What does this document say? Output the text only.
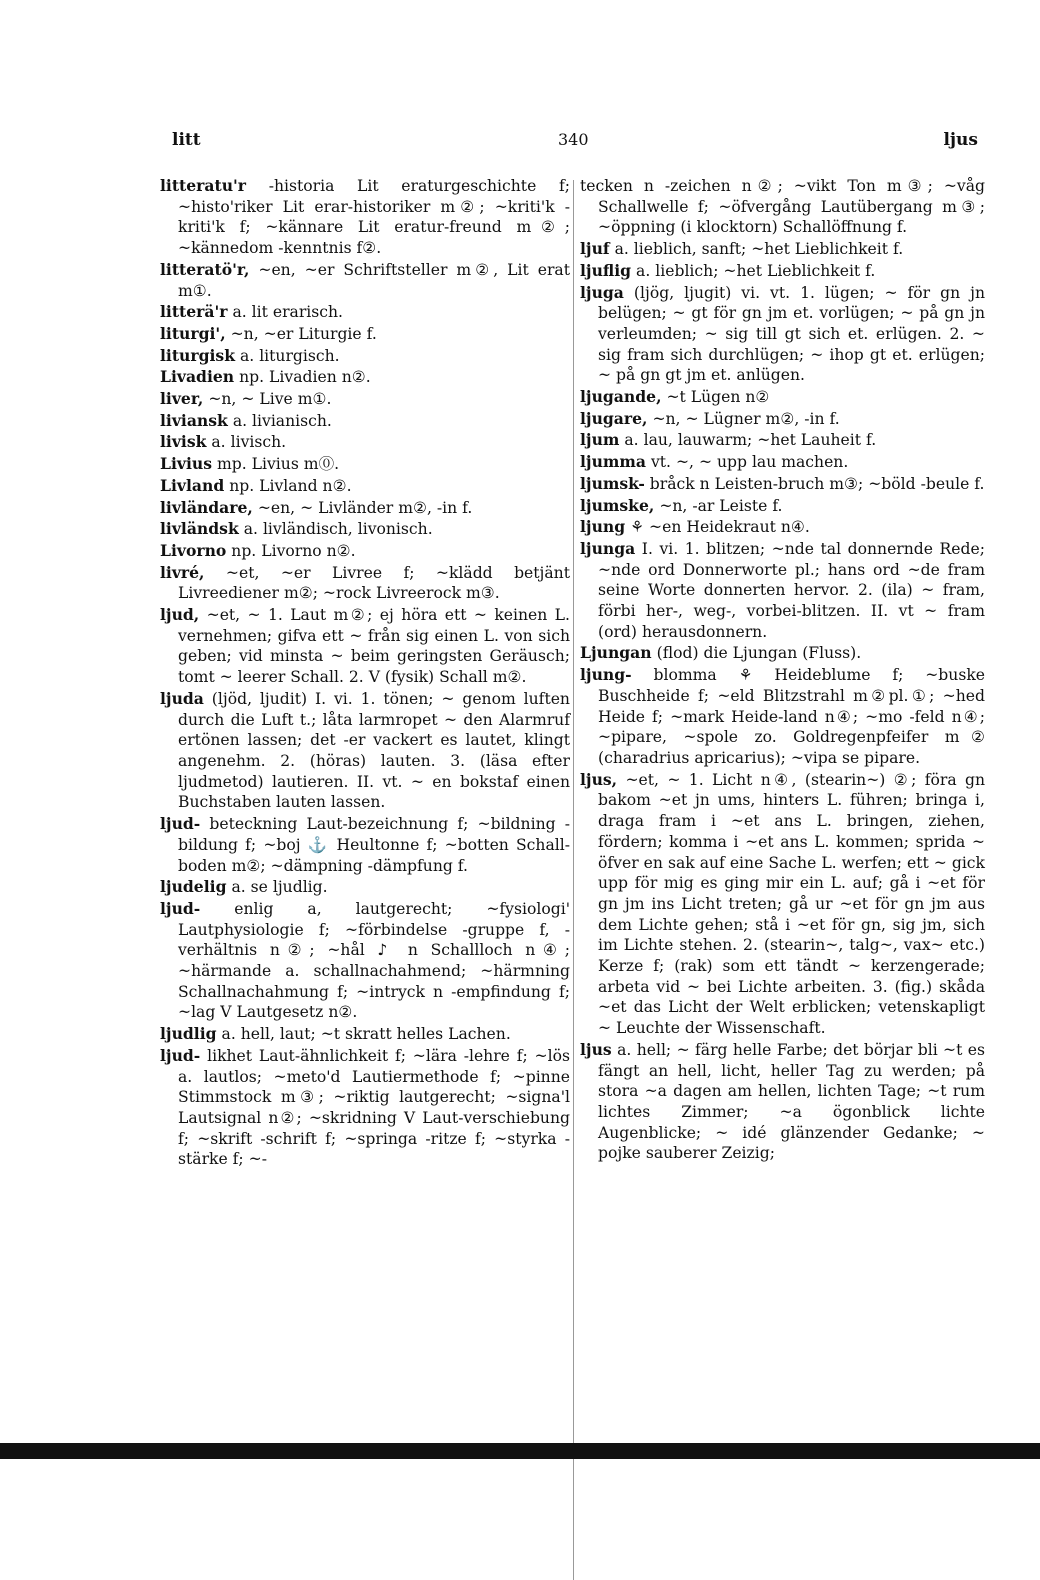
litt	340	ljus

litteratu'r -historia Lit eraturgeschichte f; ~histo'riker Lit erar-historiker m②; ~kriti'k -kriti'k f; ~kännare Lit eratur-freund m②; ~kännedom -kenntnis f②.

litteratö'r, ~en, ~er Schriftsteller m②, Lit erat m①.

litterä'r a. lit erarisch.

liturgi', ~n, ~er Liturgie f.

liturgisk a. liturgisch.

Livadien np. Livadien n②.

liver, ~n, ~ Live m①.

liviansk a. livianisch.

livisk a. livisch.

Livius mp. Livius m⓪.

Livland np. Livland n②.

livländare, ~en, ~ Livländer m②, -in f.

livländsk a. livländisch, livonisch.

Livorno np. Livorno n②.

livré, ~et, ~er Livree f; ~klädd betjänt Livreediener m②; ~rock Livreerock m③.

ljud, ~et, ~ 1. Laut m②; ej höra ett ~ keinen L. vernehmen; gifva ett ~ från sig einen L. von sich geben; vid minsta ~ beim geringsten Geräusch; tomt ~ leerer Schall. 2. V (fysik) Schall m②.

ljuda (ljöd, ljudit) I. vi. 1. tönen; ~ genom luften durch die Luft t.; låta larmropet ~ den Alarmruf ertönen lassen; det -er vackert es lautet, klingt angenehm. 2. (höras) lauten. 3. (läsa efter ljudmetod) lautieren. II. vt. ~ en bokstaf einen Buchstaben lauten lassen.

ljud- beteckning Laut-bezeichnung f; ~bildning -bildung f; ~boj ⚓ Heultonne f; ~botten Schall-boden m②; ~dämpning -dämpfung f.

ljudelig a. se ljudlig.

ljud- enlig a, lautgerecht; ~fysiologi' Lautphysiologie f; ~förbindelse -gruppe f, -verhältnis n②; ~hål ♪ n Schallloch n④; ~härmande a. schallnachahmend; ~härmning Schallnachahmung f; ~intryck n -empfindung f; ~lag V Lautgesetz n②.

ljudlig a. hell, laut; ~t skratt helles Lachen.

ljud- likhet Laut-ähnlichkeit f; ~lära -lehre f; ~lös a. lautlos; ~meto'd Lautiermethode f; ~pinne Stimmstock m③; ~riktig lautgerecht; ~signa'l Lautsignal n②; ~skridning V Laut-verschiebung f; ~skrift -schrift f; ~springa -ritze f; ~styrka -stärke f; ~-

tecken n -zeichen n②; ~vikt Ton m③; ~våg Schallwelle f; ~öfvergång Lautübergang m③; ~öppning (i klocktorn) Schallöffnung f.

ljuf a. lieblich, sanft; ~het Lieblichkeit f.

ljuflig a. lieblich; ~het Lieblichkeit f.

ljuga (ljög, ljugit) vi. vt. 1. lügen; ~ för gn jn belügen; ~ gt för gn jm et. vorlügen; ~ på gn jn verleumden; ~ sig till gt sich et. erlügen. 2. ~ sig fram sich durchlügen; ~ ihop gt et. erlügen; ~ på gn gt jm et. anlügen.

ljugande, ~t Lügen n②

ljugare, ~n, ~ Lügner m②, -in f.

ljum a. lau, lauwarm; ~het Lauheit f.

ljumma vt. ~, ~ upp lau machen.

ljumsk- bråck n Leisten-bruch m③; ~böld -beule f.

ljumske, ~n, -ar Leiste f.

ljung ⚘ ~en Heidekraut n④.

ljunga I. vi. 1. blitzen; ~nde tal donnernde Rede; ~nde ord Donnerworte pl.; hans ord ~de fram seine Worte donnerten hervor. 2. (ila) ~ fram, förbi her-, weg-, vorbei-blitzen. II. vt ~ fram (ord) herausdonnern.

Ljungan (flod) die Ljungan (Fluss).

ljung- blomma ⚘ Heideblume f; ~buske Buschheide f; ~eld Blitzstrahl m②pl.①; ~hed Heide f; ~mark Heide-land n④; ~mo -feld n④; ~pipare, ~spole zo. Goldregenpfeifer m② (charadrius apricarius); ~vipa se pipare.

ljus, ~et, ~ 1. Licht n④, (stearin~) ②; föra gn bakom ~et jn ums, hinters L. führen; bringa i, draga fram i ~et ans L. bringen, ziehen, fördern; komma i ~et ans L. kommen; sprida ~ öfver en sak auf eine Sache L. werfen; ett ~ gick upp för mig es ging mir ein L. auf; gå i ~et för gn jm ins Licht treten; gå ur ~et för gn jm aus dem Lichte gehen; stå i ~et för gn, sig jm, sich im Lichte stehen. 2. (stearin~, talg~, vax~ etc.) Kerze f; (rak) som ett tändt ~ kerzengerade; arbeta vid ~ bei Lichte arbeiten. 3. (fig.) skåda ~et das Licht der Welt erblicken; vetenskapligt ~ Leuchte der Wissenschaft.

ljus a. hell; ~ färg helle Farbe; det börjar bli ~t es fängt an hell, licht, heller Tag zu werden; på stora ~a dagen am hellen, lichten Tage; ~t rum lichtes Zimmer; ~a ögonblick lichte Augenblicke; ~ idé glänzender Gedanke; ~ pojke sauberer Zeizig;
